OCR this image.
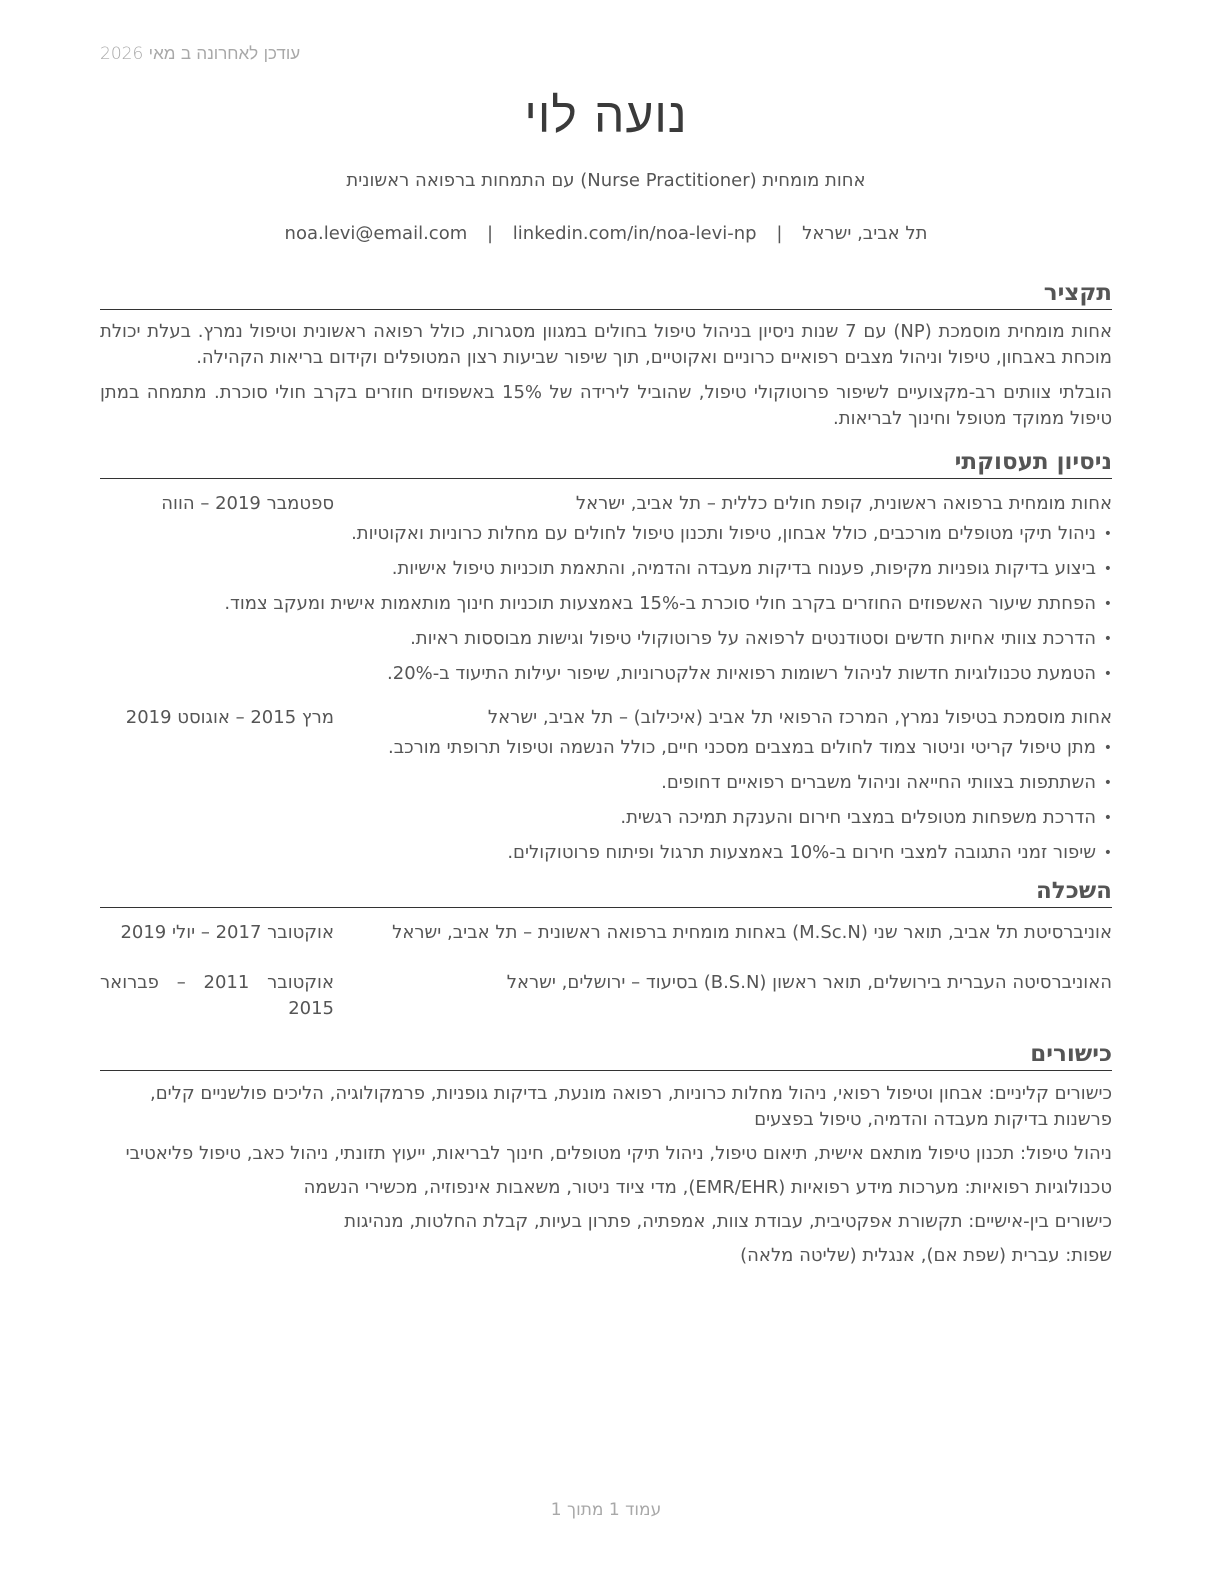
עודכן לאחרונה ב מאי 2026
נועה לוי
אחות מומחית (Nurse Practitioner) עם התמחות ברפואה ראשונית
תל אביב, ישראל | noa.levi@email.com | linkedin.com/in/noa-levi-np
תקציר

אחות מומחית מוסמכת (NP) עם 7 שנות ניסיון בניהול טיפול בחולים במגוון מסגרות, כולל רפואה ראשונית וטיפול נמרץ. בעלת יכולת מוכחת באבחון, טיפול וניהול מצבים רפואיים כרוניים ואקוטיים, תוך שיפור שביעות רצון המטופלים וקידום בריאות הקהילה.

הובלתי צוותים רב-מקצועיים לשיפור פרוטוקולי טיפול, שהוביל לירידה של 15% באשפוזים חוזרים בקרב חולי סוכרת. מתמחה במתן טיפול ממוקד מטופל וחינוך לבריאות.

ניסיון תעסוקתי
אחות מומחית ברפואה ראשונית, קופת חולים כללית – תל אביב, ישראל
ספטמבר 2019 – הווה
• ניהול תיקי מטופלים מורכבים, כולל אבחון, טיפול ותכנון טיפול לחולים עם מחלות כרוניות ואקוטיות.
• ביצוע בדיקות גופניות מקיפות, פענוח בדיקות מעבדה והדמיה, והתאמת תוכניות טיפול אישיות.
• הפחתת שיעור האשפוזים החוזרים בקרב חולי סוכרת ב-15% באמצעות תוכניות חינוך מותאמות אישית ומעקב צמוד.
• הדרכת צוותי אחיות חדשים וסטודנטים לרפואה על פרוטוקולי טיפול וגישות מבוססות ראיות.
• הטמעת טכנולוגיות חדשות לניהול רשומות רפואיות אלקטרוניות, שיפור יעילות התיעוד ב-20%.
אחות מוסמכת בטיפול נמרץ, המרכז הרפואי תל אביב (איכילוב) – תל אביב, ישראל
מרץ 2015 – אוגוסט 2019
• מתן טיפול קריטי וניטור צמוד לחולים במצבים מסכני חיים, כולל הנשמה וטיפול תרופתי מורכב.
• השתתפות בצוותי החייאה וניהול משברים רפואיים דחופים.
• הדרכת משפחות מטופלים במצבי חירום והענקת תמיכה רגשית.
• שיפור זמני התגובה למצבי חירום ב-10% באמצעות תרגול ופיתוח פרוטוקולים.
השכלה
אוניברסיטת תל אביב, תואר שני (M.Sc.N) באחות מומחית ברפואה ראשונית – תל אביב, ישראל
אוקטובר 2017 – יולי 2019
האוניברסיטה העברית בירושלים, תואר ראשון (B.S.N) בסיעוד – ירושלים, ישראל
אוקטובר 2011 – פברואר 2015
כישורים

כישורים קליניים: אבחון וטיפול רפואי, ניהול מחלות כרוניות, רפואה מונעת, בדיקות גופניות, פרמקולוגיה, הליכים פולשניים קלים, פרשנות בדיקות מעבדה והדמיה, טיפול בפצעים

ניהול טיפול: תכנון טיפול מותאם אישית, תיאום טיפול, ניהול תיקי מטופלים, חינוך לבריאות, ייעוץ תזונתי, ניהול כאב, טיפול פליאטיבי

טכנולוגיות רפואיות: מערכות מידע רפואיות (EMR/EHR), מדי ציוד ניטור, משאבות אינפוזיה, מכשירי הנשמה

כישורים בין-אישיים: תקשורת אפקטיבית, עבודת צוות, אמפתיה, פתרון בעיות, קבלת החלטות, מנהיגות

שפות: עברית (שפת אם), אנגלית (שליטה מלאה)

עמוד 1 מתוך 1
